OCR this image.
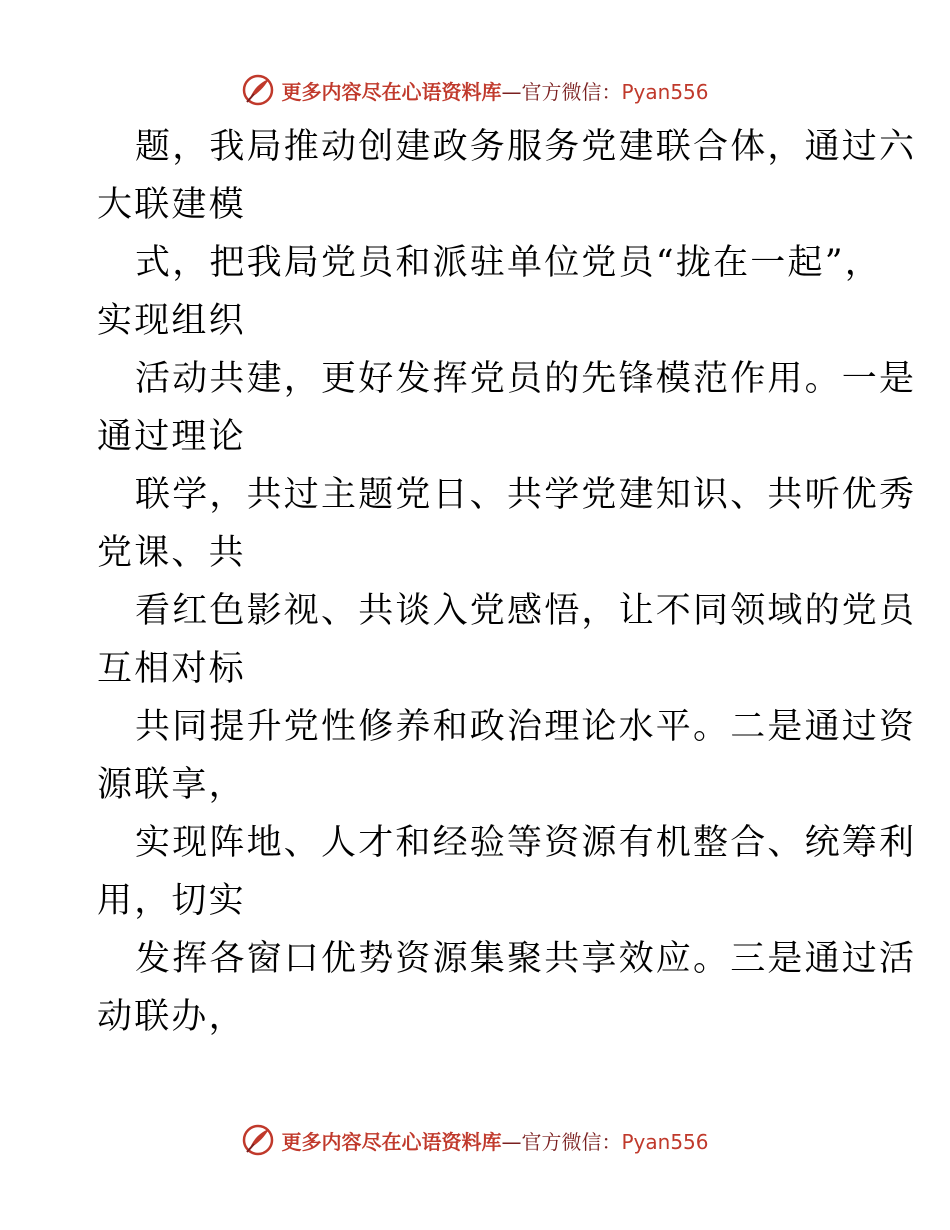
更多内容尽在心语资料库—官方微信：Pyan556

题，我局推动创建政务服务党建联合体，通过六
大联建模

式，把我局党员和派驻单位党员“拢在一起”，
实现组织

活动共建，更好发挥党员的先锋模范作用。一是
通过理论

联学，共过主题党日、共学党建知识、共听优秀
党课、共

看红色影视、共谈入党感悟，让不同领域的党员
互相对标

共同提升党性修养和政治理论水平。二是通过资
源联享，

实现阵地、人才和经验等资源有机整合、统筹利
用，切实

发挥各窗口优势资源集聚共享效应。三是通过活
动联办，

更多内容尽在心语资料库—官方微信：Pyan556
